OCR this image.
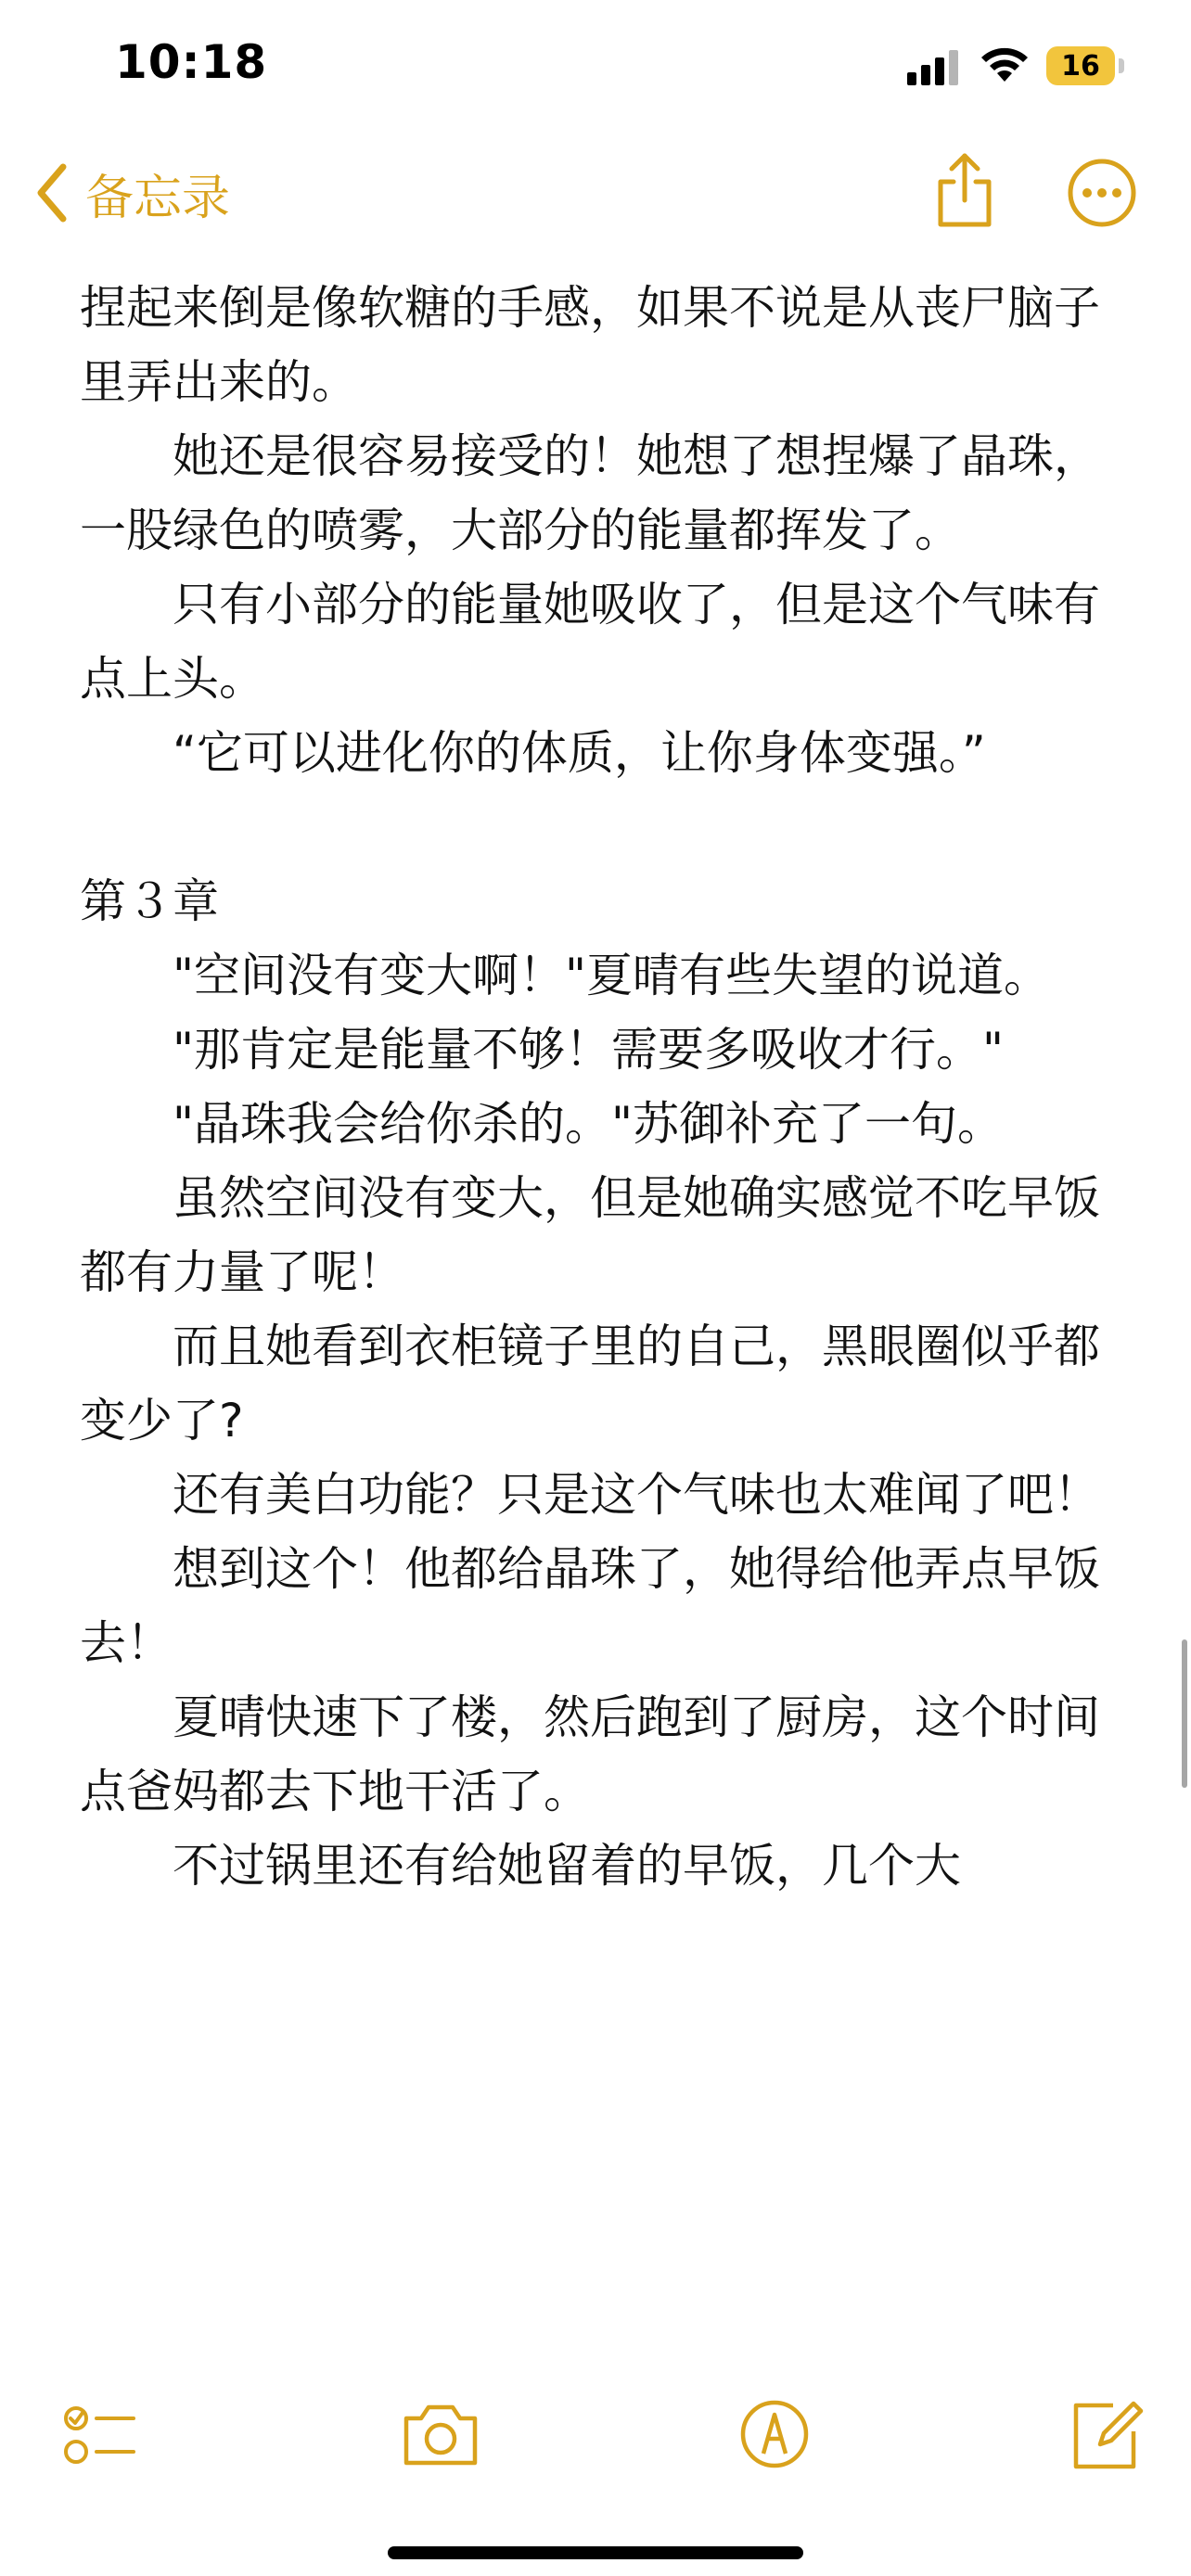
10:18	16

备忘录

捏起来倒是像软糖的手感，如果不说是从丧尸脑子里弄出来的。

　　她还是很容易接受的！她想了想捏爆了晶珠，一股绿色的喷雾，大部分的能量都挥发了。

　　只有小部分的能量她吸收了，但是这个气味有点上头。

　　“它可以进化你的体质，让你身体变强。”

第３章

　　"空间没有变大啊！"夏晴有些失望的说道。

　　"那肯定是能量不够！需要多吸收才行。"

　　"晶珠我会给你杀的。"苏御补充了一句。

　　虽然空间没有变大，但是她确实感觉不吃早饭都有力量了呢！

　　而且她看到衣柜镜子里的自己，黑眼圈似乎都变少了?

　　还有美白功能？只是这个气味也太难闻了吧！

　　想到这个！他都给晶珠了，她得给他弄点早饭去！

　　夏晴快速下了楼，然后跑到了厨房，这个时间点爸妈都去下地干活了。

　　不过锅里还有给她留着的早饭，几个大
